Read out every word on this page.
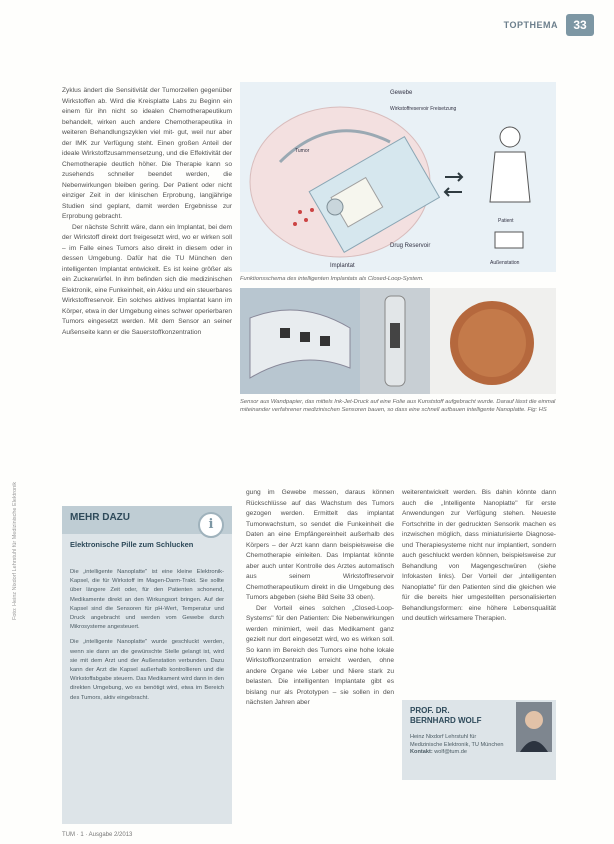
TOPTHEMA	33

Zyklus ändert die Sensitivität der Tumorzellen gegenüber Wirkstoffen ab. Wird die Kreisplatte Labs zu Beginn ein einem für ihn nicht so idealen Chemotherapeutikum behandelt, wirken auch andere Chemotherapeutika in weiteren Behandlungszyklen viel mit- gut, weil nur aber der IMK zur Verfügung steht. Einen großen Anteil der ideale Wirkstoffzusammensetzung, und die Effektivität der Chemotherapie deutlich höher. Die Therapie kann so zusehends schneller beendet werden, die Nebenwirkungen bleiben gering. Der Patient oder nicht einziger Zeit in der klinischen Erprobung, langjährige Studien sind geplant, damit werden Ergebnisse zur Erprobung gebracht.

Der nächste Schritt wäre, dann ein Implantat, bei dem der Wirkstoff direkt dort freigesetzt wird, wo er wirken soll – im Falle eines Tumors also direkt in diesem oder in dessen Umgebung. Dafür hat die TU München den intelligenten Implantat entwickelt. Es ist keine größer als ein Zuckerwürfel. In ihm befinden sich die medizinischen Elektronik, eine Funkeinheit, ein Akku und ein steuerbares Wirkstoffreservoir. Ein solches aktives Implantat kann im Körper, etwa in der Umgebung eines schwer operierbaren Tumors eingesetzt werden. Mit dem Sensor an seiner Außenseite kann er die Sauerstoffkonzentration

Gewebe
Wirkstoffreservoir Freisetzung
Tumor
Drug Reservoir
Implantat
Patient
Außenstation
Funktionsschema des intelligenten Implantats als Closed-Loop-System.
Sensor aus Wandpapier, das mittels Ink-Jet-Druck auf eine Folie aus Kunststoff aufgebracht wurde. Darauf lässt die einmal miteinander verfahrener medizinischen Sensoren bauen, so dass eine schnell aufbauen intelligente Nanoplatte. Fig: HS

gung im Gewebe messen, daraus können Rückschlüsse auf das Wachstum des Tumors gezogen werden. Ermittelt das implantat Tumorwachstum, so sendet die Funkeinheit die Daten an eine Empfängereinheit außerhalb des Körpers – der Arzt kann dann beispielsweise die Chemotherapie einleiten. Das Implantat könnte aber auch unter Kontrolle des Arztes automatisch aus seinem Wirkstoffreservoir Chemotherapeutikum direkt in die Umgebung des Tumors abgeben (siehe Bild Seite 33 oben).

Der Vorteil eines solchen „Closed-Loop-Systems" für den Patienten: Die Nebenwirkungen werden minimiert, weil das Medikament ganz gezielt nur dort eingesetzt wird, wo es wirken soll. So kann im Bereich des Tumors eine hohe lokale Wirkstoffkonzentration erreicht werden, ohne andere Organe wie Leber und Niere stark zu belasten. Die intelligenten Implantate gibt es bislang nur als Prototypen – sie sollen in den nächsten Jahren aber

weiterentwickelt werden. Bis dahin könnte dann auch die „Intelligente Nanoplatte" für erste Anwendungen zur Verfügung stehen. Neueste Fortschritte in der gedruckten Sensorik machen es inzwischen möglich, dass miniaturisierte Diagnose- und Therapiesysteme nicht nur implantiert, sondern auch geschluckt werden können, beispielsweise zur Behandlung von Magengeschwüren (siehe Infokasten links). Der Vorteil der „intelligenten Nanoplatte" für den Patienten sind die gleichen wie für die bereits hier umgestellten personalisierten Behandlungsformen: eine höhere Lebensqualität und deutlich wirksamere Therapien.

MEHR DAZU	i
Elektronische Pille zum Schlucken

Die „intelligente Nanoplatte" ist eine kleine Elektronik-Kapsel, die für Wirkstoff im Magen-Darm-Trakt. Sie sollte über längere Zeit oder, für den Patienten schonend, Medikamente direkt an den Wirkungsort bringen. Auf der Kapsel sind die Sensoren für pH-Wert, Temperatur und Druck angebracht und werden vom Gewebe durch Mikrosysteme angesteuert.

Die „intelligente Nanoplatte" wurde geschluckt werden, wenn sie dann an die gewünschte Stelle gelangt ist, wird sie mit dem Arzt und der Außenstation verbunden. Dazu kann der Arzt die Kapsel außerhalb kontrollieren und die Wirkstoffabgabe steuern. Das Medikament wird dann in den direkten Umgebung, wo es benötigt wird, etwa im Bereich des Tumors, aktiv eingebracht.

PROF. DR.
BERNHARD WOLF
Heinz Nixdorf Lehrstuhl für Medizinische Elektronik, TU München
Kontakt: wolf@tum.de
TUM · 1 · Ausgabe 2/2013
Foto: Heinz Nixdorf Lehrstuhl für Medizinische Elektronik
